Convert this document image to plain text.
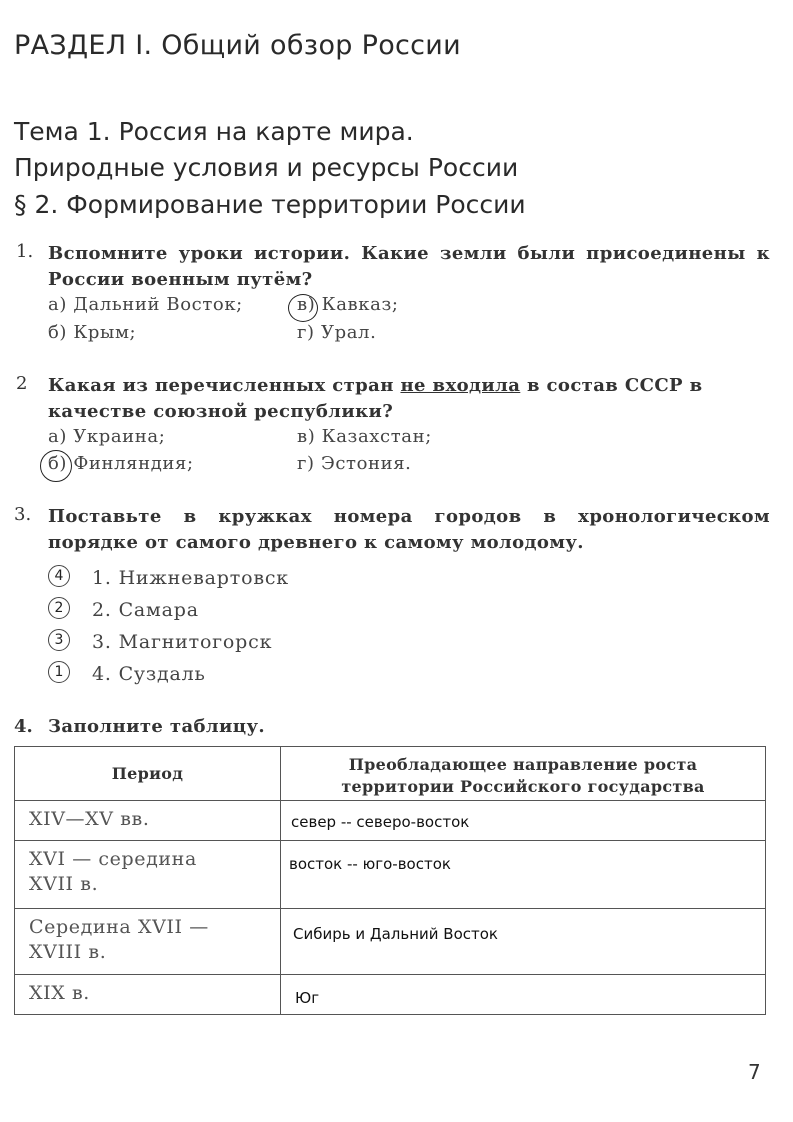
РАЗДЕЛ I. Общий обзор России
Тема 1. Россия на карте мира.
Природные условия и ресурсы России
§ 2. Формирование территории России
1. Вспомните уроки истории. Какие земли были присоединены к России военным путём?
а) Дальний Восток;
б) Крым;
в) Кавказ;
г) Урал.
2 Какая из перечисленных стран не входила в состав СССР в качестве союзной республики?
а) Украина;
б) Финляндия;
в) Казахстан;
г) Эстония.
3. Поставьте в кружках номера городов в хронологическом порядке от самого древнего к самому молодому.
4	1. Нижневартовск
2	2. Самара
3	3. Магнитогорск
1	4. Суздаль
4. Заполните таблицу.
Период	Преобладающее направление роста территории Российского государства
XIV—XV вв.	север -- северо-восток

XVI — середина XVII в.	восток -- юго-восток

Середина XVII — XVIII в.	Сибирь и Дальний Восток
XIX в.	Юг
7
